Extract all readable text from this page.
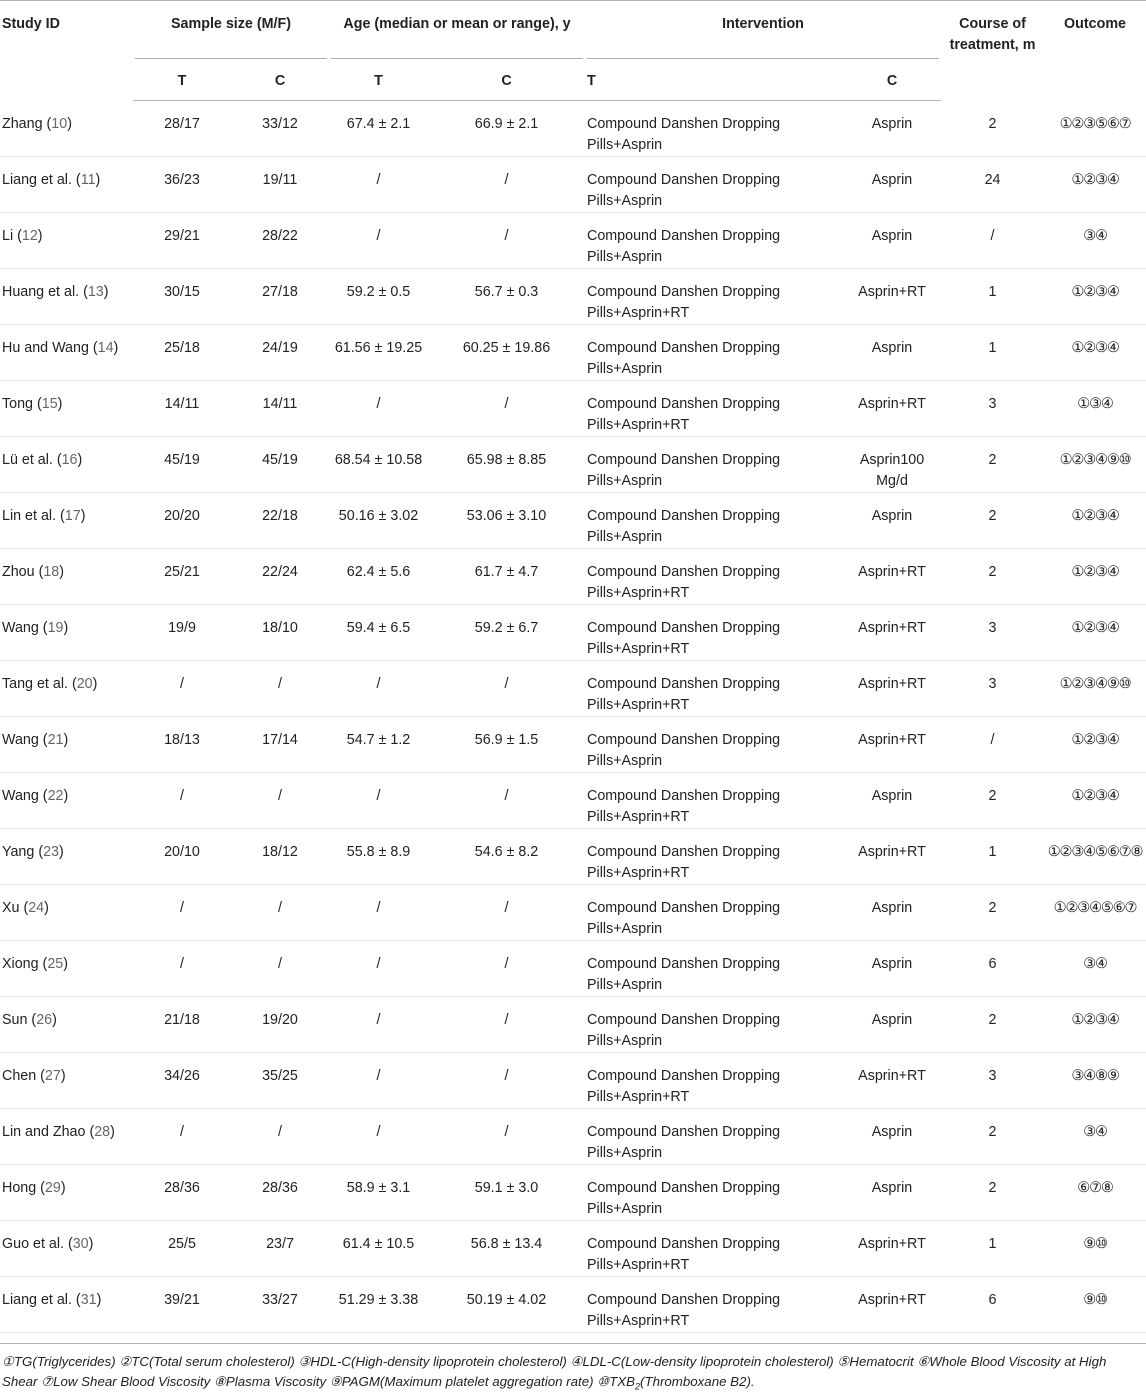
Study ID	Sample size (M/F)		Age (median or mean or range), y		Intervention		Course of treatment, m	Outcome
	T	C	T	C	T	C		
Zhang (10)	28/17	33/12	67.4 ± 2.1	66.9 ± 2.1	Compound Danshen Dropping Pills+Asprin	Asprin	2	①②③⑤⑥⑦
Liang et al. (11)	36/23	19/11	/	/	Compound Danshen Dropping Pills+Asprin	Asprin	24	①②③④
Li (12)	29/21	28/22	/	/	Compound Danshen Dropping Pills+Asprin	Asprin	/	③④
Huang et al. (13)	30/15	27/18	59.2 ± 0.5	56.7 ± 0.3	Compound Danshen Dropping Pills+Asprin+RT	Asprin+RT	1	①②③④
Hu and Wang (14)	25/18	24/19	61.56 ± 19.25	60.25 ± 19.86	Compound Danshen Dropping Pills+Asprin	Asprin	1	①②③④
Tong (15)	14/11	14/11	/	/	Compound Danshen Dropping Pills+Asprin+RT	Asprin+RT	3	①③④
Lü et al. (16)	45/19	45/19	68.54 ± 10.58	65.98 ± 8.85	Compound Danshen Dropping Pills+Asprin	Asprin100 Mg/d	2	①②③④⑨⑩
Lin et al. (17)	20/20	22/18	50.16 ± 3.02	53.06 ± 3.10	Compound Danshen Dropping Pills+Asprin	Asprin	2	①②③④
Zhou (18)	25/21	22/24	62.4 ± 5.6	61.7 ± 4.7	Compound Danshen Dropping Pills+Asprin+RT	Asprin+RT	2	①②③④
Wang (19)	19/9	18/10	59.4 ± 6.5	59.2 ± 6.7	Compound Danshen Dropping Pills+Asprin+RT	Asprin+RT	3	①②③④
Tang et al. (20)	/	/	/	/	Compound Danshen Dropping Pills+Asprin+RT	Asprin+RT	3	①②③④⑨⑩
Wang (21)	18/13	17/14	54.7 ± 1.2	56.9 ± 1.5	Compound Danshen Dropping Pills+Asprin	Asprin+RT	/	①②③④
Wang (22)	/	/	/	/	Compound Danshen Dropping Pills+Asprin+RT	Asprin	2	①②③④
Yang (23)	20/10	18/12	55.8 ± 8.9	54.6 ± 8.2	Compound Danshen Dropping Pills+Asprin+RT	Asprin+RT	1	①②③④⑤⑥⑦⑧
Xu (24)	/	/	/	/	Compound Danshen Dropping Pills+Asprin	Asprin	2	①②③④⑤⑥⑦
Xiong (25)	/	/	/	/	Compound Danshen Dropping Pills+Asprin	Asprin	6	③④
Sun (26)	21/18	19/20	/	/	Compound Danshen Dropping Pills+Asprin	Asprin	2	①②③④
Chen (27)	34/26	35/25	/	/	Compound Danshen Dropping Pills+Asprin+RT	Asprin+RT	3	③④⑧⑨
Lin and Zhao (28)	/	/	/	/	Compound Danshen Dropping Pills+Asprin	Asprin	2	③④
Hong (29)	28/36	28/36	58.9 ± 3.1	59.1 ± 3.0	Compound Danshen Dropping Pills+Asprin	Asprin	2	⑥⑦⑧
Guo et al. (30)	25/5	23/7	61.4 ± 10.5	56.8 ± 13.4	Compound Danshen Dropping Pills+Asprin+RT	Asprin+RT	1	⑨⑩
Liang et al. (31)	39/21	33/27	51.29 ± 3.38	50.19 ± 4.02	Compound Danshen Dropping Pills+Asprin+RT	Asprin+RT	6	⑨⑩
①TG(Triglycerides) ②TC(Total serum cholesterol) ③HDL-C(High-density lipoprotein cholesterol) ④LDL-C(Low-density lipoprotein cholesterol) ⑤Hematocrit ⑥Whole Blood Viscosity at High Shear ⑦Low Shear Blood Viscosity ⑧Plasma Viscosity ⑨PAGM(Maximum platelet aggregation rate) $⑩TXB_2(Thromboxane$ B2).
